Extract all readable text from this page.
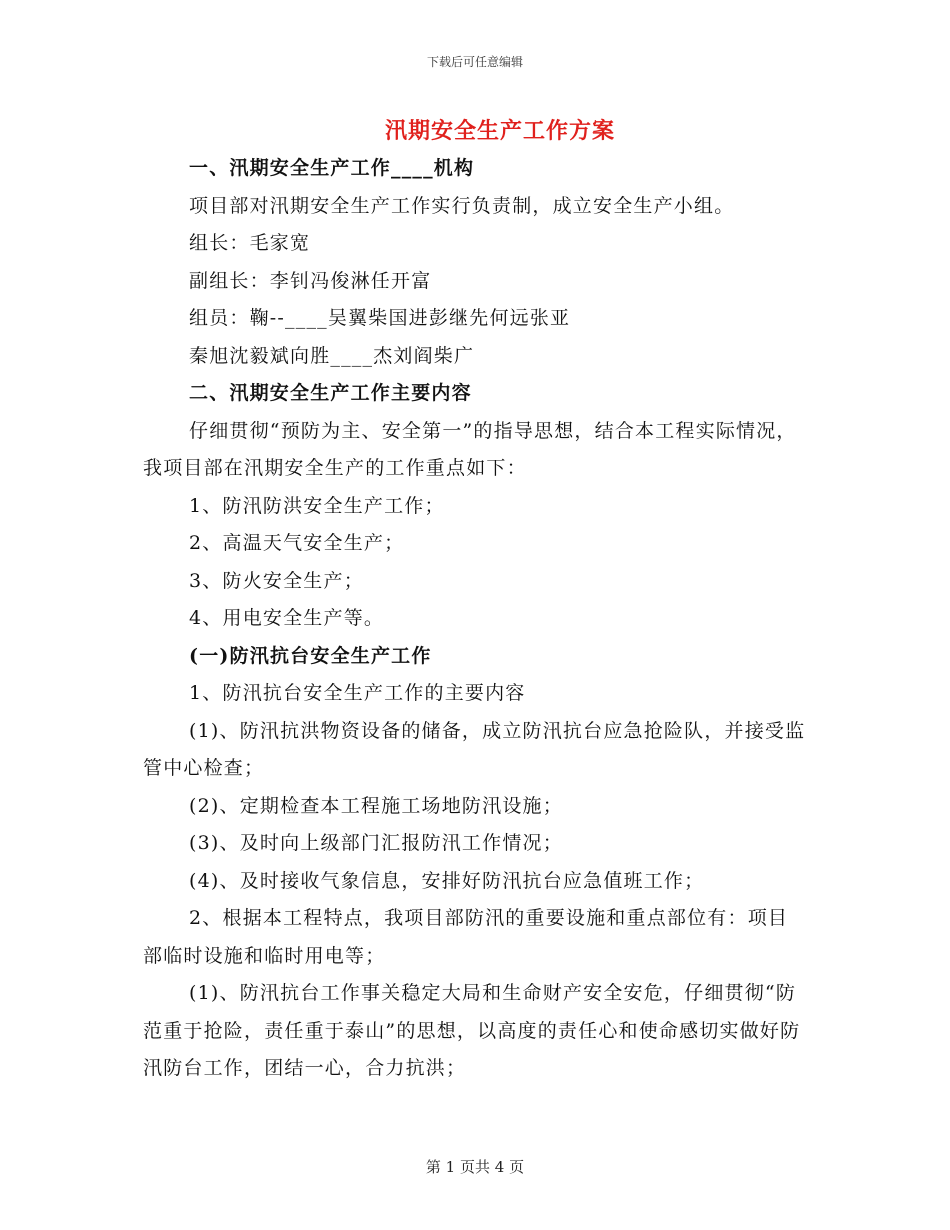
下载后可任意编辑
汛期安全生产工作方案

一、汛期安全生产工作____机构

项目部对汛期安全生产工作实行负责制，成立安全生产小组。

组长：毛家宽

副组长：李钊冯俊淋任开富

组员：鞠--____吴翼柴国进彭继先何远张亚

秦旭沈毅斌向胜____杰刘阎柴广

二、汛期安全生产工作主要内容

仔细贯彻“预防为主、安全第一”的指导思想，结合本工程实际情况，我项目部在汛期安全生产的工作重点如下：

1、防汛防洪安全生产工作；

2、高温天气安全生产；

3、防火安全生产；

4、用电安全生产等。

(一)防汛抗台安全生产工作

1、防汛抗台安全生产工作的主要内容

(1)、防汛抗洪物资设备的储备，成立防汛抗台应急抢险队，并接受监管中心检查；

(2)、定期检查本工程施工场地防汛设施；

(3)、及时向上级部门汇报防汛工作情况；

(4)、及时接收气象信息，安排好防汛抗台应急值班工作；

2、根据本工程特点，我项目部防汛的重要设施和重点部位有：项目部临时设施和临时用电等；

(1)、防汛抗台工作事关稳定大局和生命财产安全安危，仔细贯彻“防范重于抢险，责任重于泰山”的思想，以高度的责任心和使命感切实做好防汛防台工作，团结一心，合力抗洪；

第 1 页共 4 页
